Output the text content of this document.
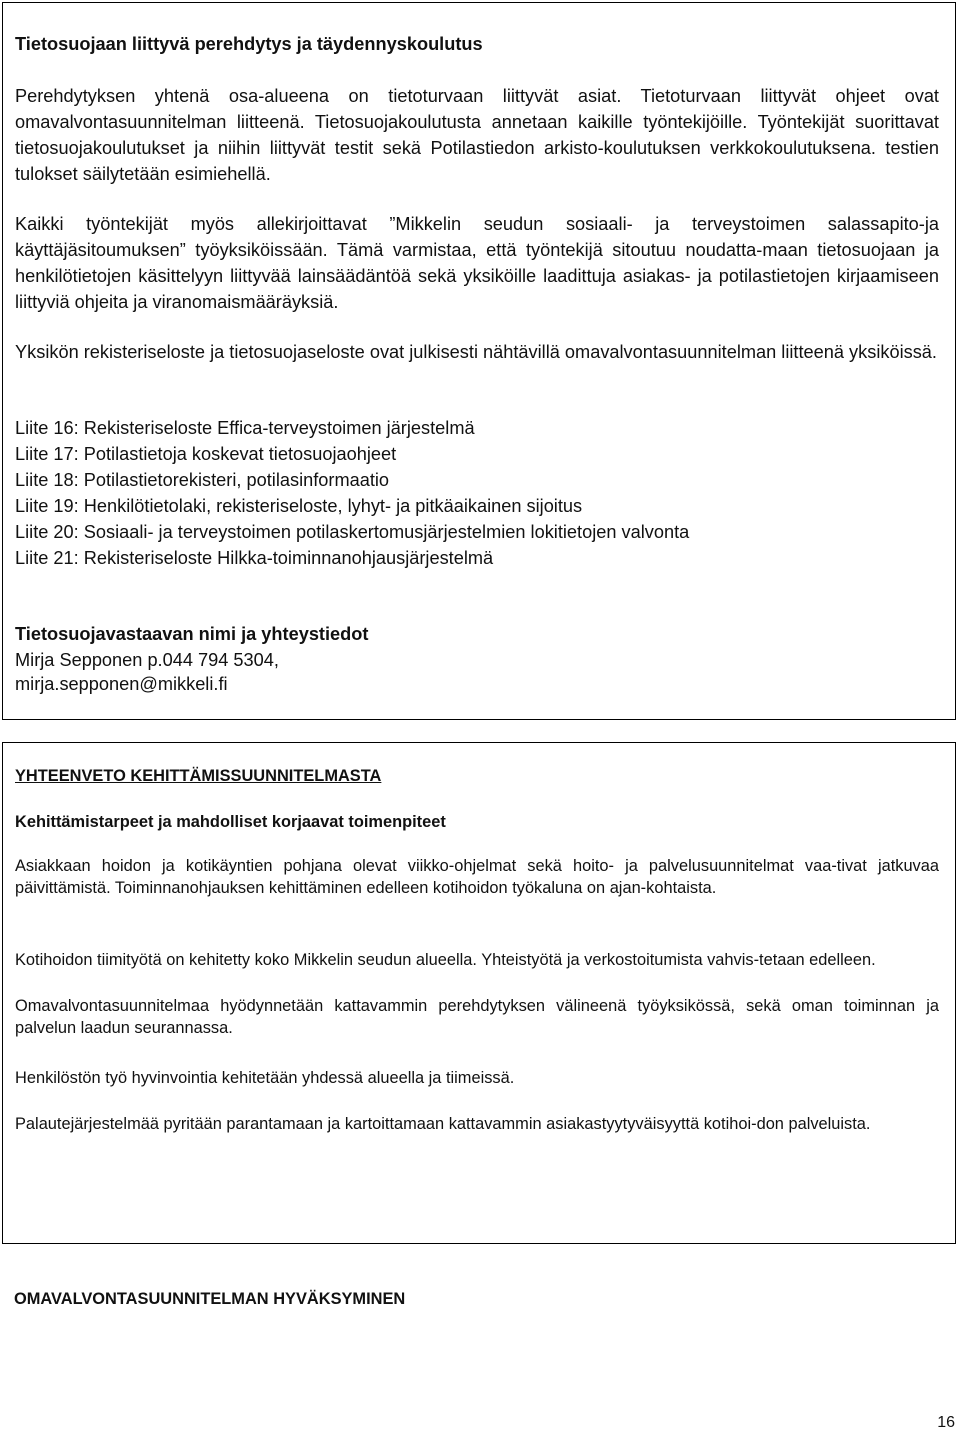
Tietosuojaan liittyvä perehdytys ja täydennyskoulutus

Perehdytyksen yhtenä osa-alueena on tietoturvaan liittyvät asiat. Tietoturvaan liittyvät ohjeet ovat omavalvontasuunnitelman liitteenä. Tietosuojakoulutusta annetaan kaikille työntekijöille. Työntekijät suorittavat tietosuojakoulutukset ja niihin liittyvät testit sekä Potilastiedon arkisto-koulutuksen verkkokoulutuksena. testien tulokset säilytetään esimiehellä.

Kaikki työntekijät myös allekirjoittavat ”Mikkelin seudun sosiaali- ja terveystoimen salassapito-ja käyttäjäsitoumuksen” työyksiköissään. Tämä varmistaa, että työntekijä sitoutuu noudatta-maan tietosuojaan ja henkilötietojen käsittelyyn liittyvää lainsäädäntöä sekä yksiköille laadittuja asiakas- ja potilastietojen kirjaamiseen liittyviä ohjeita ja viranomaismääräyksiä.

Yksikön rekisteriseloste ja tietosuojaseloste ovat julkisesti nähtävillä omavalvontasuunnitelman liitteenä yksiköissä.

Liite 16: Rekisteriseloste Effica-terveystoimen järjestelmä
Liite 17: Potilastietoja koskevat tietosuojaohjeet
Liite 18: Potilastietorekisteri, potilasinformaatio
Liite 19: Henkilötietolaki, rekisteriseloste, lyhyt- ja pitkäaikainen sijoitus
Liite 20: Sosiaali- ja terveystoimen potilaskertomusjärjestelmien lokitietojen valvonta
Liite 21: Rekisteriseloste Hilkka-toiminnanohjausjärjestelmä

Tietosuojavastaavan nimi ja yhteystiedot

Mirja Sepponen p.044 794 5304,

mirja.sepponen@mikkeli.fi

YHTEENVETO KEHITTÄMISSUUNNITELMASTA

Kehittämistarpeet ja mahdolliset korjaavat toimenpiteet

Asiakkaan hoidon ja kotikäyntien pohjana olevat viikko-ohjelmat sekä hoito- ja palvelusuunnitelmat vaa-tivat jatkuvaa päivittämistä. Toiminnanohjauksen kehittäminen edelleen kotihoidon työkaluna on ajan-kohtaista.

Kotihoidon tiimityötä on kehitetty koko Mikkelin seudun alueella. Yhteistyötä ja verkostoitumista vahvis-tetaan edelleen.

Omavalvontasuunnitelmaa hyödynnetään kattavammin perehdytyksen välineenä työyksikössä, sekä oman toiminnan ja palvelun laadun seurannassa.

Henkilöstön työ hyvinvointia kehitetään yhdessä alueella ja tiimeissä.

Palautejärjestelmää pyritään parantamaan ja kartoittamaan kattavammin asiakastyytyväisyyttä kotihoi-don palveluista.

OMAVALVONTASUUNNITELMAN HYVÄKSYMINEN

16
